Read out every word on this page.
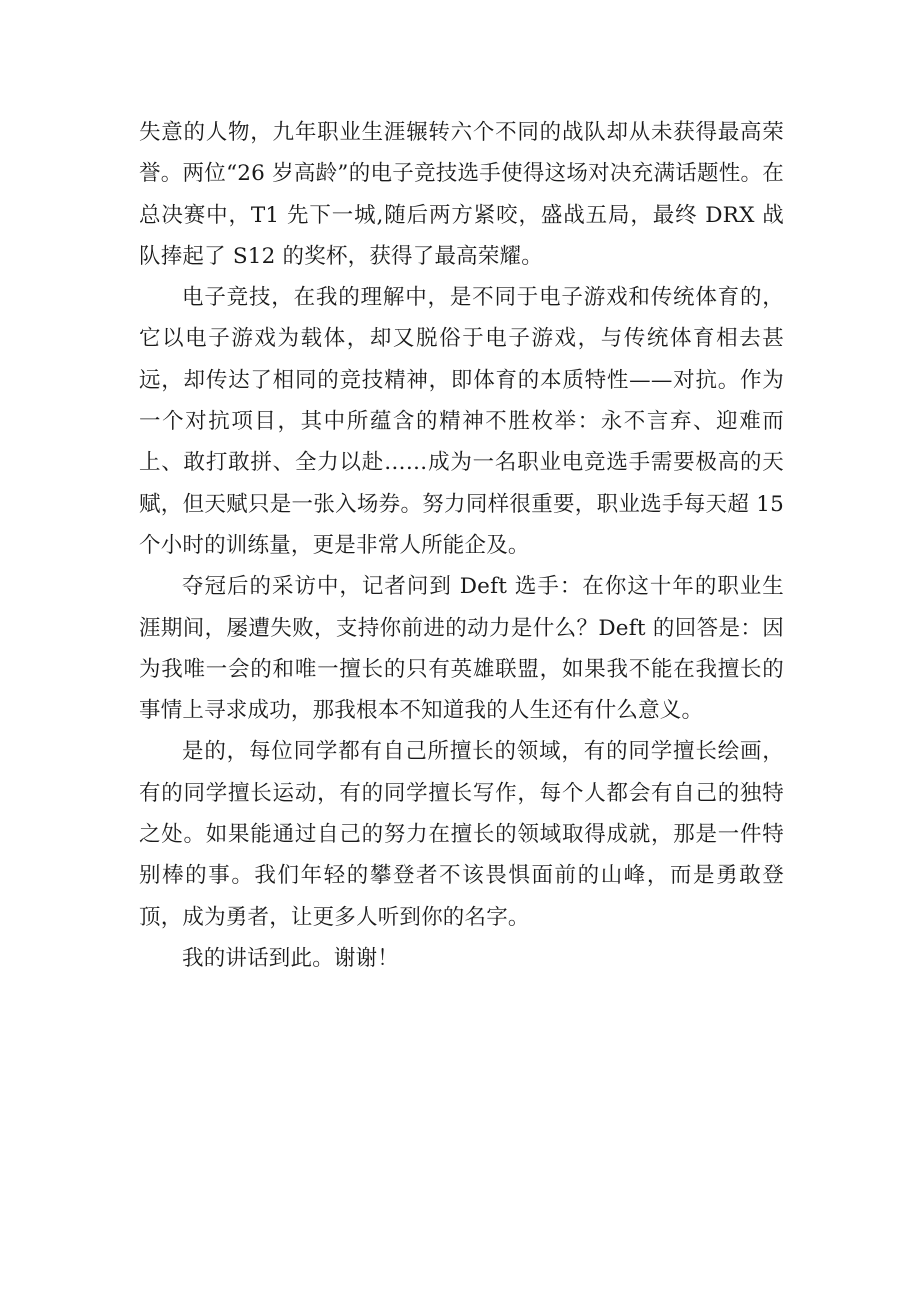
失意的人物，九年职业生涯辗转六个不同的战队却从未获得最高荣誉。两位“26 岁高龄”的电子竞技选手使得这场对决充满话题性。在总决赛中，T1 先下一城,随后两方紧咬，盛战五局，最终 DRX 战队捧起了 S12 的奖杯，获得了最高荣耀。

电子竞技，在我的理解中，是不同于电子游戏和传统体育的，它以电子游戏为载体，却又脱俗于电子游戏，与传统体育相去甚远，却传达了相同的竞技精神，即体育的本质特性——对抗。作为一个对抗项目，其中所蕴含的精神不胜枚举：永不言弃、迎难而上、敢打敢拼、全力以赴……成为一名职业电竞选手需要极高的天赋，但天赋只是一张入场券。努力同样很重要，职业选手每天超 15 个小时的训练量，更是非常人所能企及。

夺冠后的采访中，记者问到 Deft 选手：在你这十年的职业生涯期间，屡遭失败，支持你前进的动力是什么？Deft 的回答是：因为我唯一会的和唯一擅长的只有英雄联盟，如果我不能在我擅长的事情上寻求成功，那我根本不知道我的人生还有什么意义。

是的，每位同学都有自己所擅长的领域，有的同学擅长绘画，有的同学擅长运动，有的同学擅长写作，每个人都会有自己的独特之处。如果能通过自己的努力在擅长的领域取得成就，那是一件特别棒的事。我们年轻的攀登者不该畏惧面前的山峰，而是勇敢登顶，成为勇者，让更多人听到你的名字。

我的讲话到此。谢谢！
